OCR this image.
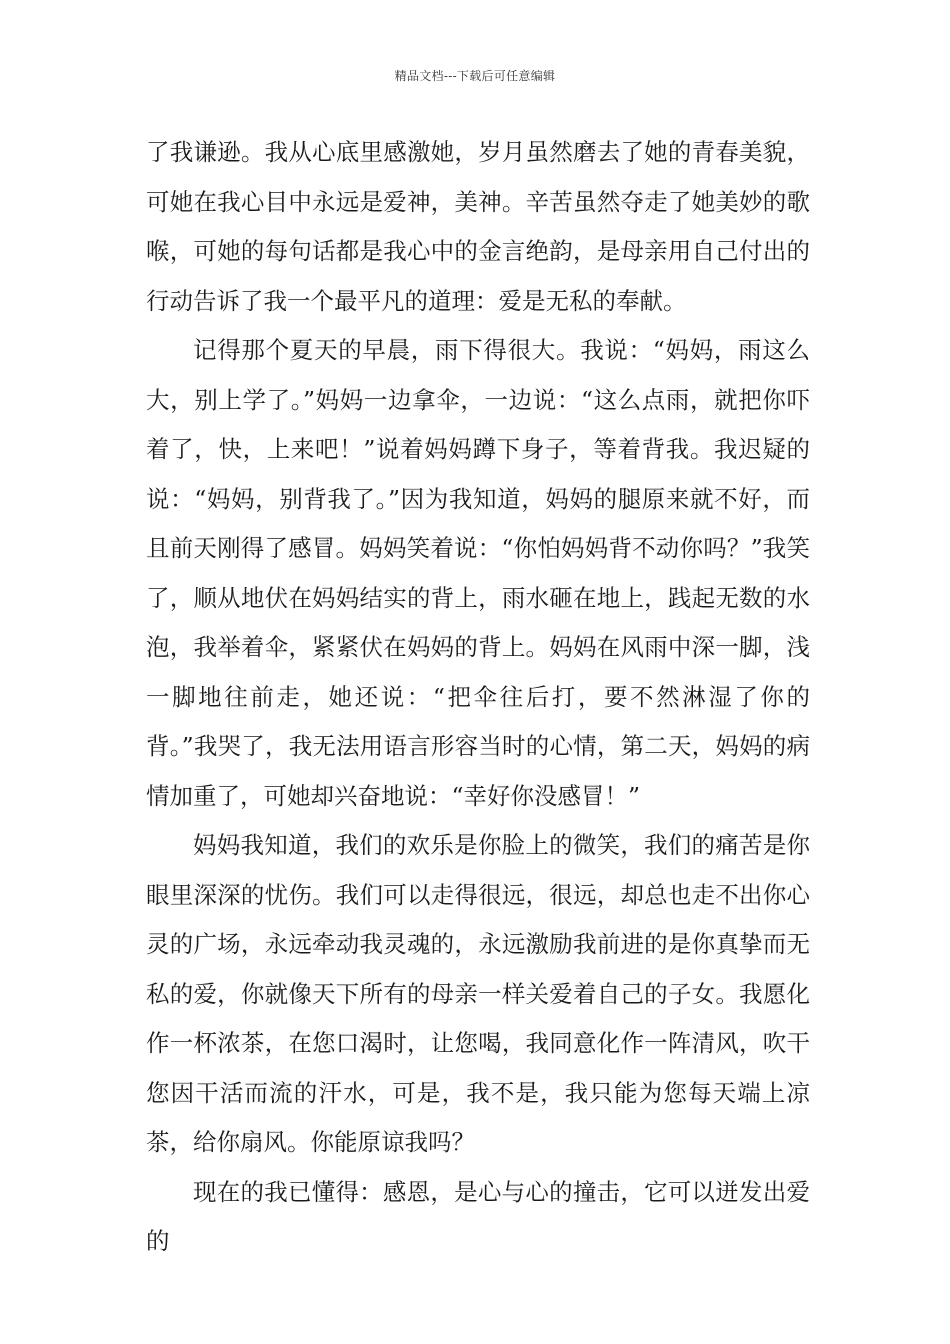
精品文档---下载后可任意编辑

了我谦逊。我从心底里感激她，岁月虽然磨去了她的青春美貌，可她在我心目中永远是爱神，美神。辛苦虽然夺走了她美妙的歌喉，可她的每句话都是我心中的金言绝韵，是母亲用自己付出的行动告诉了我一个最平凡的道理：爱是无私的奉献。

记得那个夏天的早晨，雨下得很大。我说：“妈妈，雨这么大，别上学了。”妈妈一边拿伞，一边说：“这么点雨，就把你吓着了，快，上来吧！”说着妈妈蹲下身子，等着背我。我迟疑的说：“妈妈，别背我了。”因为我知道，妈妈的腿原来就不好，而且前天刚得了感冒。妈妈笑着说：“你怕妈妈背不动你吗？”我笑了，顺从地伏在妈妈结实的背上，雨水砸在地上，践起无数的水泡，我举着伞，紧紧伏在妈妈的背上。妈妈在风雨中深一脚，浅一脚地往前走，她还说：“把伞往后打，要不然淋湿了你的背。”我哭了，我无法用语言形容当时的心情，第二天，妈妈的病情加重了，可她却兴奋地说：“幸好你没感冒！”

妈妈我知道，我们的欢乐是你脸上的微笑，我们的痛苦是你眼里深深的忧伤。我们可以走得很远，很远，却总也走不出你心灵的广场，永远牵动我灵魂的，永远激励我前进的是你真挚而无私的爱，你就像天下所有的母亲一样关爱着自己的子女。我愿化作一杯浓茶，在您口渴时，让您喝，我同意化作一阵清风，吹干您因干活而流的汗水，可是，我不是，我只能为您每天端上凉茶，给你扇风。你能原谅我吗？

现在的我已懂得：感恩，是心与心的撞击，它可以迸发出爱的
